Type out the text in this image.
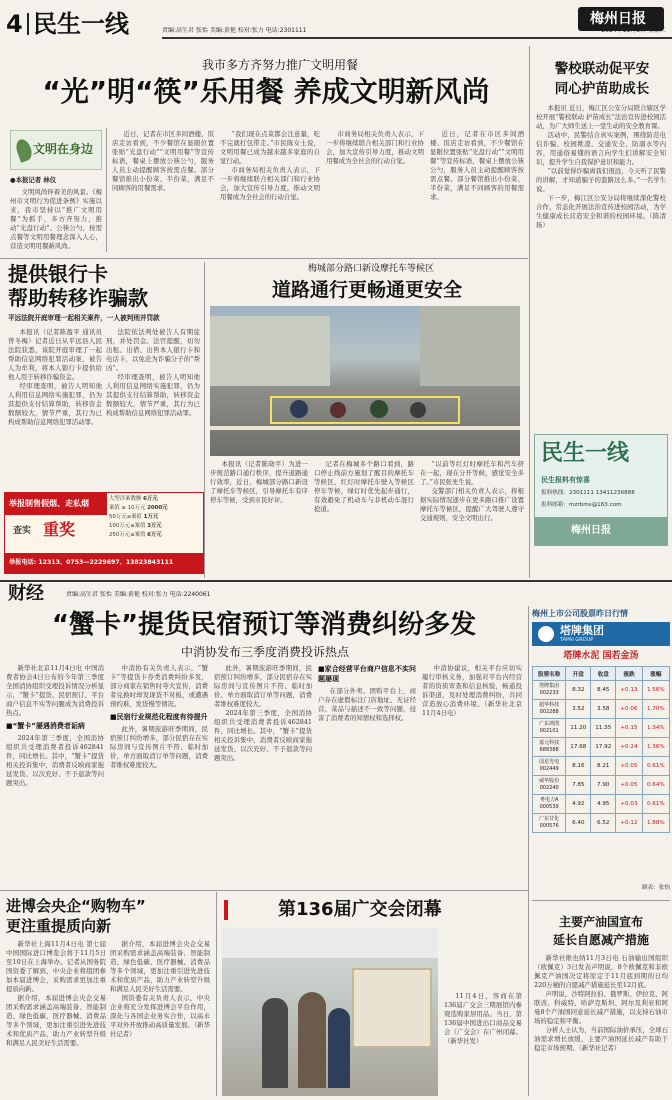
4 民生一线	责编:高生君 张怡 美编:黄艳 校对:张力 电话:2301111
梅州日报
2024年11月5日 星期二
我市多方齐努力推广文明用餐
“光”明“筷”乐用餐 养成文明新风尚
文明在身边
●本报记者 林仪

文明风尚伴着美的风景。《梅州市文明行为促进条例》实施以来，我市坚持以“推广文明用餐”为抓手，多方齐努力，推动“光盘行动”、公筷公勺、按需点餐等文明用餐理念深入人心，营造文明用餐新风尚。

近日，记者在市区多间酒楼、饭店走访看到，不少餐馆在显眼位置张贴“光盘行动”“文明用餐”等宣传标语，餐桌上摆放公筷公勺，服务人员主动提醒顾客按需点餐。部分餐馆推出小份菜、半份菜，满足不同顾客的用餐需求。

“我们现在点菜都会注意量，吃不完就打包带走。”市民陈女士说，文明用餐已成为越来越多家庭的自觉行动。

市商务局相关负责人表示，下一步将继续联合相关部门和行业协会，加大宣传引导力度，推动文明用餐成为全社会的行动自觉。

市商务局相关负责人表示，下一步将继续联合相关部门和行业协会，加大宣传引导力度，推动文明用餐成为全社会的行动自觉。

近日，记者在市区多间酒楼、饭店走访看到，不少餐馆在显眼位置张贴“光盘行动”“文明用餐”等宣传标语，餐桌上摆放公筷公勺，服务人员主动提醒顾客按需点餐。部分餐馆推出小份菜、半份菜，满足不同顾客的用餐需求。

提供银行卡
帮助转移诈骗款
平远法院开庭审理一起相关案件，一人被判刑并罚款

本报讯（记者陈盈平 通讯员曾冬梅）记者近日从平远县人民法院获悉，该院开庭审理了一起帮助信息网络犯罪活动案，被告人为牟利，将本人银行卡提供给他人用于转移诈骗资金。

经审理查明，被告人明知他人利用信息网络实施犯罪，仍为其提供支付结算帮助，转移资金数额较大，情节严重，其行为已构成帮助信息网络犯罪活动罪。

法院依法判处被告人有期徒刑，并处罚金。法官提醒，切勿出租、出借、出售本人银行卡和电话卡，以免沦为诈骗分子的“帮凶”。

经审理查明，被告人明知他人利用信息网络实施犯罪，仍为其提供支付结算帮助，转移资金数额较大，情节严重，其行为已构成帮助信息网络犯罪活动罪。

举报制售假烟、走私烟
查实 重奖
大型涉案数额 6万元
案值 ≥ 10万元 2000元
50万元≤案值 1万元
100万元≤案值 3万元
250万元≤案值 6万元
举报电话: 12313、0753—2229697、13823843111
梅城部分路口新设摩托车等候区
道路通行更畅通更安全

本报讯（记者陈晓平）为进一步规范路口通行秩序，提升道路通行效率，近日，梅城部分路口新设了摩托车等候区，引导摩托车有序停车等候，受到市民好评。

记者在梅城多个路口看到，路口停止线前方施划了醒目的摩托车等候区，红灯时摩托车驶入等候区停车等候，绿灯时优先起步通行，有效避免了机动车与非机动车混行抢道。

“以前等红灯时摩托车和汽车挤在一起，现在分开等候，感觉安全多了。”市民张先生说。

交警部门相关负责人表示，将根据实际情况逐步在更多路口推广设置摩托车等候区，提醒广大驾驶人遵守交通规则，安全文明出行。

警校联动促平安
同心护苗助成长

本报讯 近日，梅江区公安分局联合辖区学校开展“警校联动 护苗成长”法治宣传进校园活动，为广大师生送上一堂生动的安全教育课。

活动中，民警结合真实案例，围绕防范电信诈骗、校园欺凌、交通安全、防溺水等内容，用通俗易懂的语言向学生们讲解安全知识，提升学生自我保护意识和能力。

“以前觉得诈骗离我们很远，今天听了民警的讲解，才知道骗子的套路这么多。”一名学生说。

下一步，梅江区公安分局将继续深化警校合作，常态化开展法治宣传进校园活动，为学生健康成长营造安全和谐的校园环境。（陈清扬）

民生一线
民生报料有惊喜
报料热线：2301111 13411236888
报料邮箱：mzrbms@163.com
梅州日报
财经	责编:高生君 张怡 美编:黄艳 校对:张力 电话:2240061
“蟹卡”提货民宿预订等消费纠纷多发
中消协发布三季度消费投诉热点

新华社北京11月4日电 中国消费者协会4日公布的今年第三季度全国消协组织受理投诉情况分析显示，“蟹卡”提货、民宿预订、平台商户信息不实等问题成为消费投诉热点。

■“蟹卡”屡遇消费者诟病

2024年第三季度，全国消协组织共受理消费者投诉462841件，同比增长。其中，“蟹卡”提货相关投诉集中，消费者反映商家拖延发货、以次充好、不予退款等问题突出。

中消协有关负责人表示，“蟹卡”等提货卡券类消费纠纷多发，部分商家在销售时夸大宣传，消费者兑换时却发现货不对板，或遭遇预约难、发货慢等情况。

■民宿行业规范化程度有待提升

此外，暑期旅游旺季期间，民宿预订纠纷增多，部分民宿存在实际房间与宣传图片不符、临时加价、单方面取消订单等问题，消费者维权难度较大。

此外，暑期旅游旺季期间，民宿预订纠纷增多，部分民宿存在实际房间与宣传图片不符、临时加价、单方面取消订单等问题，消费者维权难度较大。

2024年第三季度，全国消协组织共受理消费者投诉462841件，同比增长。其中，“蟹卡”提货相关投诉集中，消费者反映商家拖延发货、以次充好、不予退款等问题突出。

■家合经营平台商户信息不实问题屡现

在部分外卖、团购平台上，商户存在虚假标注门店地址、无证经营、菜品与描述不一致等问题，侵害了消费者的知情权和选择权。

中消协建议，相关平台应切实履行审核义务，加强对平台内经营者的资质审查和信息核验，畅通投诉渠道，及时处理消费纠纷，共同营造放心消费环境。（新华社北京11月4日电）

梅州上市公司股票昨日行情
塔牌集团
TAPAI GROUP
塔牌水泥 国若金汤
股票名称	开盘	收盘	涨跌	涨幅

塔牌集团
002233	8.32	8.45	+0.13	1.56%

超华科技
002288	3.52	3.58	+0.06	1.70%

广东鸿图
002101	11.20	11.35	+0.15	1.34%

嘉元科技
688388	17.68	17.92	+0.24	1.36%

国星光电
002449	8.16	8.21	+0.05	0.61%

威华股份
002240	7.85	7.90	+0.05	0.64%

粤电力A
000539	4.92	4.95	+0.03	0.61%

广东甘化
000576	6.40	6.52	+0.12	1.88%
制表：张怡
进博会央企“购物车”
更注重提质向新

新华社上海11月4日电 第七届中国国际进口博览会将于11月5日至10日在上海举办。记者从国务院国资委了解到，中央企业将组团参加本届进博会，采购需求更加注重提质向新。

据介绍，本届进博会央企交易团采购需求涵盖高端装备、智能制造、绿色低碳、医疗器械、消费品等多个领域，更加注重引进先进技术和优质产品，助力产业转型升级和满足人民美好生活需要。

据介绍，本届进博会央企交易团采购需求涵盖高端装备、智能制造、绿色低碳、医疗器械、消费品等多个领域，更加注重引进先进技术和优质产品，助力产业转型升级和满足人民美好生活需要。

国资委有关负责人表示，中央企业将充分发挥进博会平台作用，深化与各国企业务实合作，以高水平对外开放推动高质量发展。（新华社记者）

第136届广交会闭幕

11月4日，客商在第136届广交会三期展馆内参观选购家居用品。当日，第136届中国进出口商品交易会（广交会）在广州闭幕。（新华社发）

主要产油国宣布
延长自愿减产措施

新华社维也纳11月3日电 石油输出国组织（欧佩克）3日发表声明说，8个欧佩克和非欧佩克产油国决定将原定于11月底到期的日均220万桶的自愿减产措施延长至12月底。

声明说，沙特阿拉伯、俄罗斯、伊拉克、阿联酋、科威特、哈萨克斯坦、阿尔及利亚和阿曼8个产油国同意延长减产措施，以支持石油市场的稳定和平衡。

分析人士认为，当前国际油价承压，全球石油需求增长放缓，主要产油国延长减产有助于稳定市场预期。（新华社记者）
